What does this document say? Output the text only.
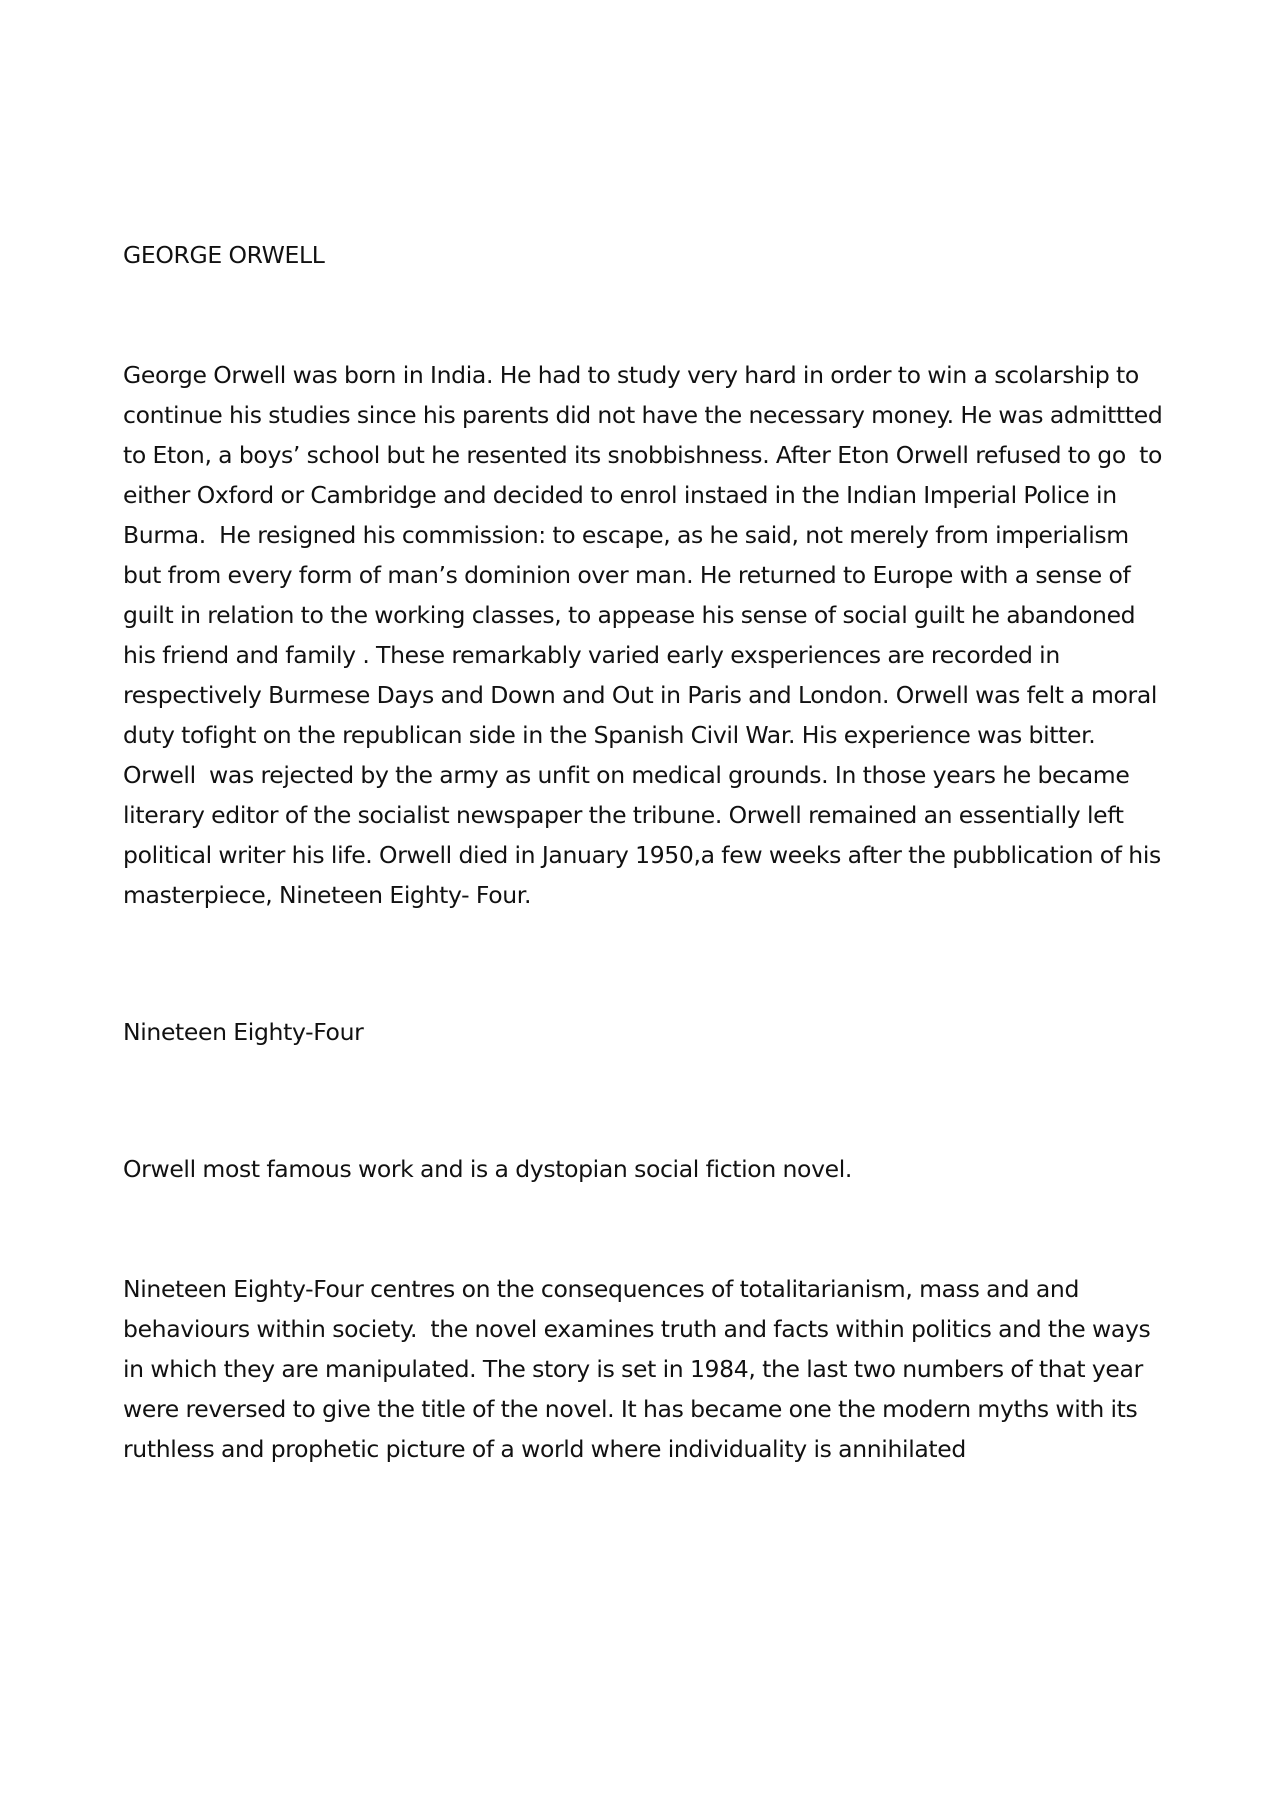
GEORGE ORWELL

George Orwell was born in India. He had to study very hard in order to win a scolarship to continue his studies since his parents did not have the necessary money. He was admittted to Eton, a boys’ school but he resented its snobbishness. After Eton Orwell refused to go  to either Oxford or Cambridge and decided to enrol instaed in the Indian Imperial Police in Burma.  He resigned his commission: to escape, as he said, not merely from imperialism but from every form of man’s dominion over man. He returned to Europe with a sense of  guilt in relation to the working classes, to appease his sense of social guilt he abandoned  his friend and family . These remarkably varied early exsperiences are recorded in respectively Burmese Days and Down and Out in Paris and London. Orwell was felt a moral duty tofight on the republican side in the Spanish Civil War. His experience was bitter. Orwell  was rejected by the army as unfit on medical grounds. In those years he became literary editor of the socialist newspaper the tribune. Orwell remained an essentially left political writer his life. Orwell died in January 1950,a few weeks after the pubblication of his masterpiece, Nineteen Eighty- Four.

Nineteen Eighty-Four

Orwell most famous work and is a dystopian social fiction novel.

Nineteen Eighty-Four centres on the consequences of totalitarianism, mass and and behaviours within society.  the novel examines truth and facts within politics and the ways in which they are manipulated. The story is set in 1984, the last two numbers of that year were reversed to give the title of the novel. It has became one the modern myths with its ruthless and prophetic picture of a world where individuality is annihilated
